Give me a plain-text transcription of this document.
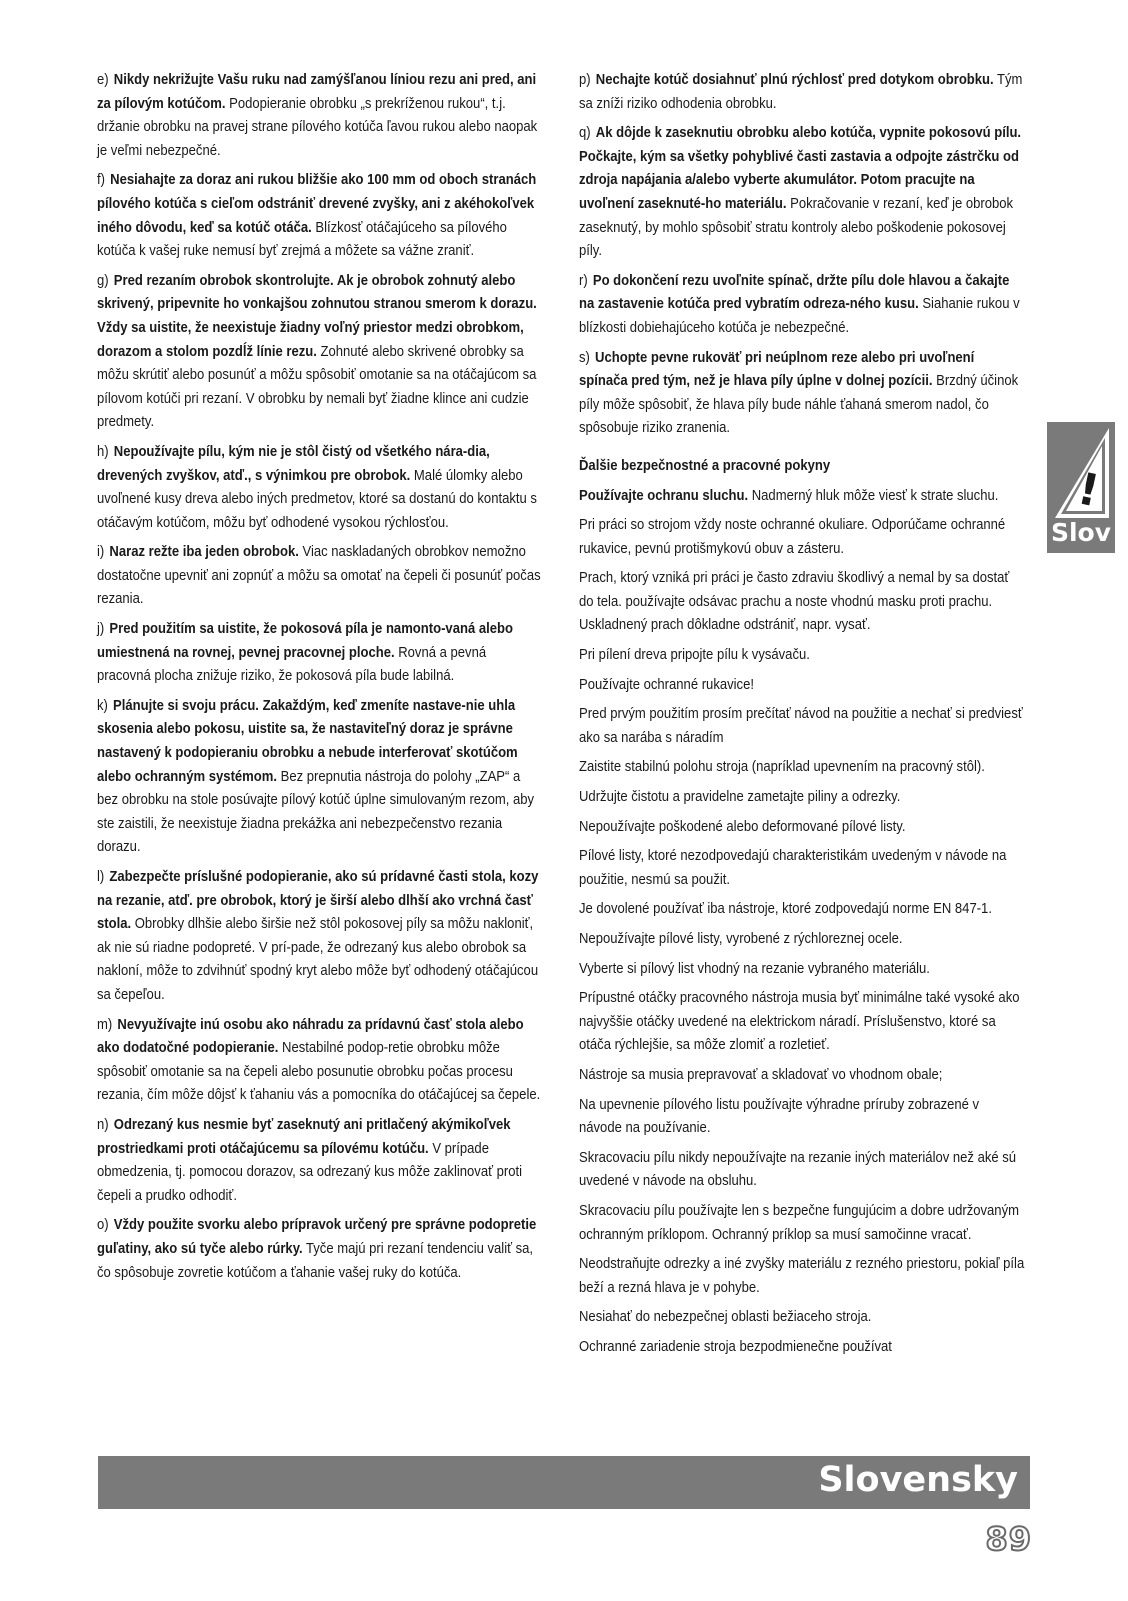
e) Nikdy nekrižujte Vašu ruku nad zamýšľanou líniou rezu ani pred, ani za pílovým kotúčom. Podopieranie obrobku „s prekríženou rukou“, t.j. držanie obrobku na pravej strane pílového kotúča ľavou rukou alebo naopak je veľmi nebezpečné.

f) Nesiahajte za doraz ani rukou bližšie ako 100 mm od oboch stranách pílového kotúča s cieľom odstrániť drevené zvyšky, ani z akéhokoľvek iného dôvodu, keď sa kotúč otáča. Blízkosť otáčajúceho sa pílového kotúča k vašej ruke nemusí byť zrejmá a môžete sa vážne zraniť.

g) Pred rezaním obrobok skontrolujte. Ak je obrobok zohnutý alebo skrivený, pripevnite ho vonkajšou zohnutou stranou smerom k dorazu. Vždy sa uistite, že neexistuje žiadny voľný priestor medzi obrobkom, dorazom a stolom pozdĺž línie rezu. Zohnuté alebo skrivené obrobky sa môžu skrútiť alebo posunúť a môžu spôsobiť omotanie sa na otáčajúcom sa pílovom kotúči pri rezaní. V obrobku by nemali byť žiadne klince ani cudzie predmety.

h) Nepoužívajte pílu, kým nie je stôl čistý od všetkého nára-dia, drevených zvyškov, atď., s výnimkou pre obrobok. Malé úlomky alebo uvoľnené kusy dreva alebo iných predmetov, ktoré sa dostanú do kontaktu s otáčavým kotúčom, môžu byť odhodené vysokou rýchlosťou.

i) Naraz režte iba jeden obrobok. Viac naskladaných obrobkov nemožno dostatočne upevniť ani zopnúť a môžu sa omotať na čepeli či posunúť počas rezania.

j) Pred použitím sa uistite, že pokosová píla je namonto-vaná alebo umiestnená na rovnej, pevnej pracovnej ploche. Rovná a pevná pracovná plocha znižuje riziko, že pokosová píla bude labilná.

k) Plánujte si svoju prácu. Zakaždým, keď zmeníte nastave-nie uhla skosenia alebo pokosu, uistite sa, že nastaviteľný doraz je správne nastavený k podopieraniu obrobku a nebude interferovať skotúčom alebo ochranným systémom. Bez prepnutia nástroja do polohy „ZAP“ a bez obrobku na stole posúvajte pílový kotúč úplne simulovaným rezom, aby ste zaistili, že neexistuje žiadna prekážka ani nebezpečenstvo rezania dorazu.

l) Zabezpečte príslušné podopieranie, ako sú prídavné časti stola, kozy na rezanie, atď. pre obrobok, ktorý je širší alebo dlhší ako vrchná časť stola. Obrobky dlhšie alebo širšie než stôl pokosovej píly sa môžu nakloniť, ak nie sú riadne podopreté. V prí-pade, že odrezaný kus alebo obrobok sa nakloní, môže to zdvihnúť spodný kryt alebo môže byť odhodený otáčajúcou sa čepeľou.

m) Nevyužívajte inú osobu ako náhradu za prídavnú časť stola alebo ako dodatočné podopieranie. Nestabilné podop-retie obrobku môže spôsobiť omotanie sa na čepeli alebo posunutie obrobku počas procesu rezania, čím môže dôjsť k ťahaniu vás a pomocníka do otáčajúcej sa čepele.

n) Odrezaný kus nesmie byť zaseknutý ani pritlačený akýmikoľvek prostriedkami proti otáčajúcemu sa pílovému kotúču. V prípade obmedzenia, tj. pomocou dorazov, sa odrezaný kus môže zaklinovať proti čepeli a prudko odhodiť.

o) Vždy použite svorku alebo prípravok určený pre správne podopretie guľatiny, ako sú tyče alebo rúrky. Tyče majú pri rezaní tendenciu valiť sa, čo spôsobuje zovretie kotúčom a ťahanie vašej ruky do kotúča.

p) Nechajte kotúč dosiahnuť plnú rýchlosť pred dotykom obrobku. Tým sa zníži riziko odhodenia obrobku.

q) Ak dôjde k zaseknutiu obrobku alebo kotúča, vypnite pokosovú pílu. Počkajte, kým sa všetky pohyblivé časti zastavia a odpojte zástrčku od zdroja napájania a/alebo vyberte akumulátor. Potom pracujte na uvoľnení zaseknuté-ho materiálu. Pokračovanie v rezaní, keď je obrobok zaseknutý, by mohlo spôsobiť stratu kontroly alebo poškodenie pokosovej píly.

r) Po dokončení rezu uvoľnite spínač, držte pílu dole hlavou a čakajte na zastavenie kotúča pred vybratím odreza-ného kusu. Siahanie rukou v blízkosti dobiehajúceho kotúča je nebezpečné.

s) Uchopte pevne rukoväť pri neúplnom reze alebo pri uvoľnení spínača pred tým, než je hlava píly úplne v dolnej pozícii. Brzdný účinok píly môže spôsobiť, že hlava píly bude náhle ťahaná smerom nadol, čo spôsobuje riziko zranenia.

Ďalšie bezpečnostné a pracovné pokyny

Používajte ochranu sluchu. Nadmerný hluk môže viesť k strate sluchu.

Pri práci so strojom vždy noste ochranné okuliare. Odporúčame ochranné rukavice, pevnú protišmykovú obuv a zásteru.

Prach, ktorý vzniká pri práci je často zdraviu škodlivý a nemal by sa dostať do tela. používajte odsávac prachu a noste vhodnú masku proti prachu. Uskladnený prach dôkladne odstrániť, napr. vysať.

Pri pílení dreva pripojte pílu k vysávaču.

Používajte ochranné rukavice!

Pred prvým použitím prosím prečítať návod na použitie a nechať si predviesť ako sa narába s náradím

Zaistite stabilnú polohu stroja (napríklad upevnením na pracovný stôl).

Udržujte čistotu a pravidelne zametajte piliny a odrezky.

Nepoužívajte poškodené alebo deformované pílové listy.

Pílové listy, ktoré nezodpovedajú charakteristikám uvedeným v návode na použitie, nesmú sa použit.

Je dovolené používať iba nástroje, ktoré zodpovedajú norme EN 847-1.

Nepoužívajte pílové listy, vyrobené z rýchloreznej ocele.

Vyberte si pílový list vhodný na rezanie vybraného materiálu.

Prípustné otáčky pracovného nástroja musia byť minimálne také vysoké ako najvyššie otáčky uvedené na elektrickom náradí. Príslušenstvo, ktoré sa otáča rýchlejšie, sa môže zlomiť a rozletieť.

Nástroje sa musia prepravovať a skladovať vo vhodnom obale;

Na upevnenie pílového listu používajte výhradne príruby zobrazené v návode na používanie.

Skracovaciu pílu nikdy nepoužívajte na rezanie iných materiálov než aké sú uvedené v návode na obsluhu.

Skracovaciu pílu používajte len s bezpečne fungujúcim a dobre udržovaným ochranným príklopom. Ochranný príklop sa musí samočinne vracať.

Neodstraňujte odrezky a iné zvyšky materiálu z rezného priestoru, pokiaľ píla beží a rezná hlava je v pohybe.

Nesiahať do nebezpečnej oblasti bežiaceho stroja.

Ochranné zariadenie stroja bezpodmienečne používat

!
Slov
Slovensky
89
